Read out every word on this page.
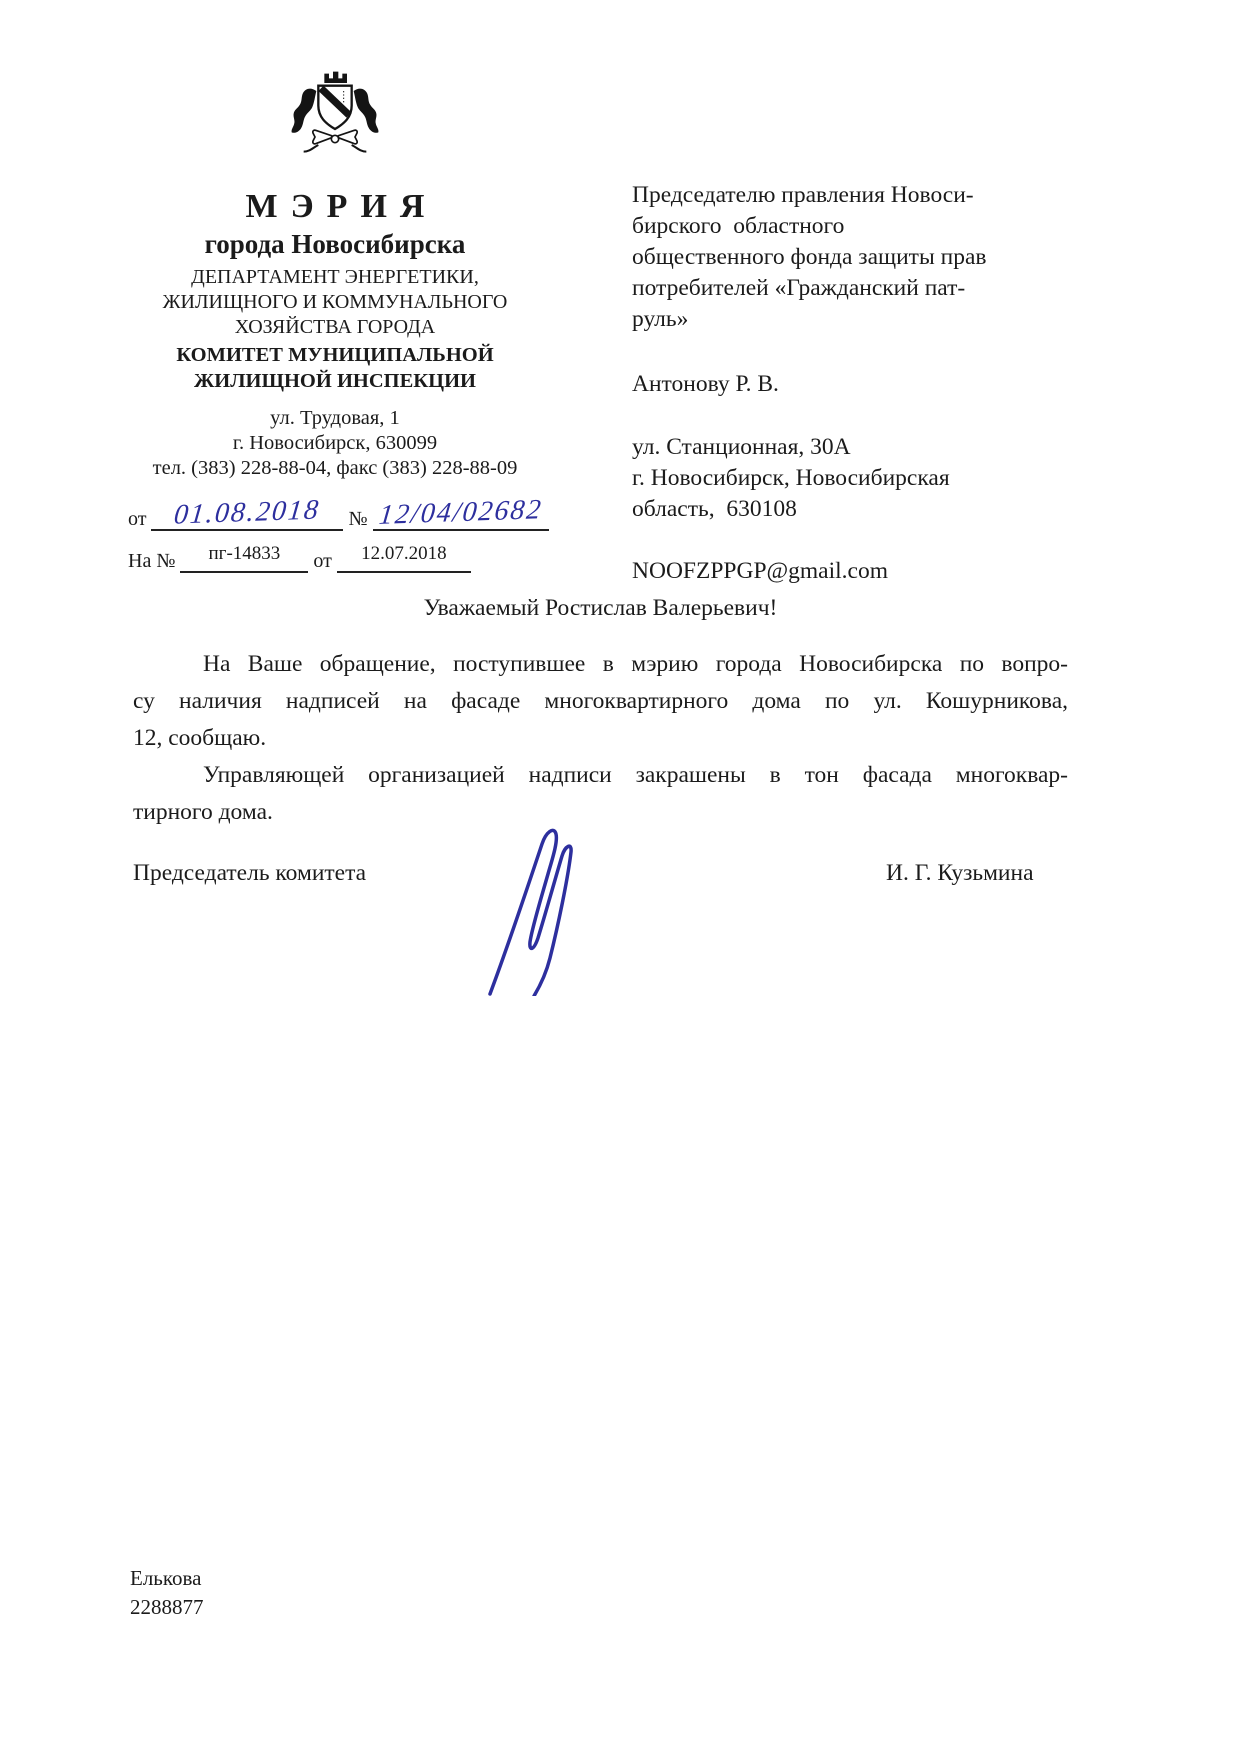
МЭРИЯ
города Новосибирска
ДЕПАРТАМЕНТ ЭНЕРГЕТИКИ,
ЖИЛИЩНОГО И КОММУНАЛЬНОГО
ХОЗЯЙСТВА ГОРОДА
КОМИТЕТ МУНИЦИПАЛЬНОЙ
ЖИЛИЩНОЙ ИНСПЕКЦИИ
ул. Трудовая, 1
г. Новосибирск, 630099
тел. (383) 228-88-04, факс (383) 228-88-09
от 01.08.2018 № 12/04/02682
На № пг-14833 от 12.07.2018
Председателю правления Новоси-
бирского  областного
общественного фонда защиты прав
потребителей «Гражданский пат-
руль»
Антонову Р. В.
ул. Станционная, 30А
г. Новосибирск, Новосибирская
область,  630108
NOOFZPPGP@gmail.com
Уважаемый Ростислав Валерьевич!
На Ваше обращение, поступившее в мэрию города Новосибирска по вопро-
су наличия надписей на фасаде многоквартирного дома по ул. Кошурникова,
12, сообщаю.
Управляющей организацией надписи закрашены в тон фасада многоквар-
тирного дома.
Председатель комитета	И. Г. Кузьмина
Елькова
2288877
